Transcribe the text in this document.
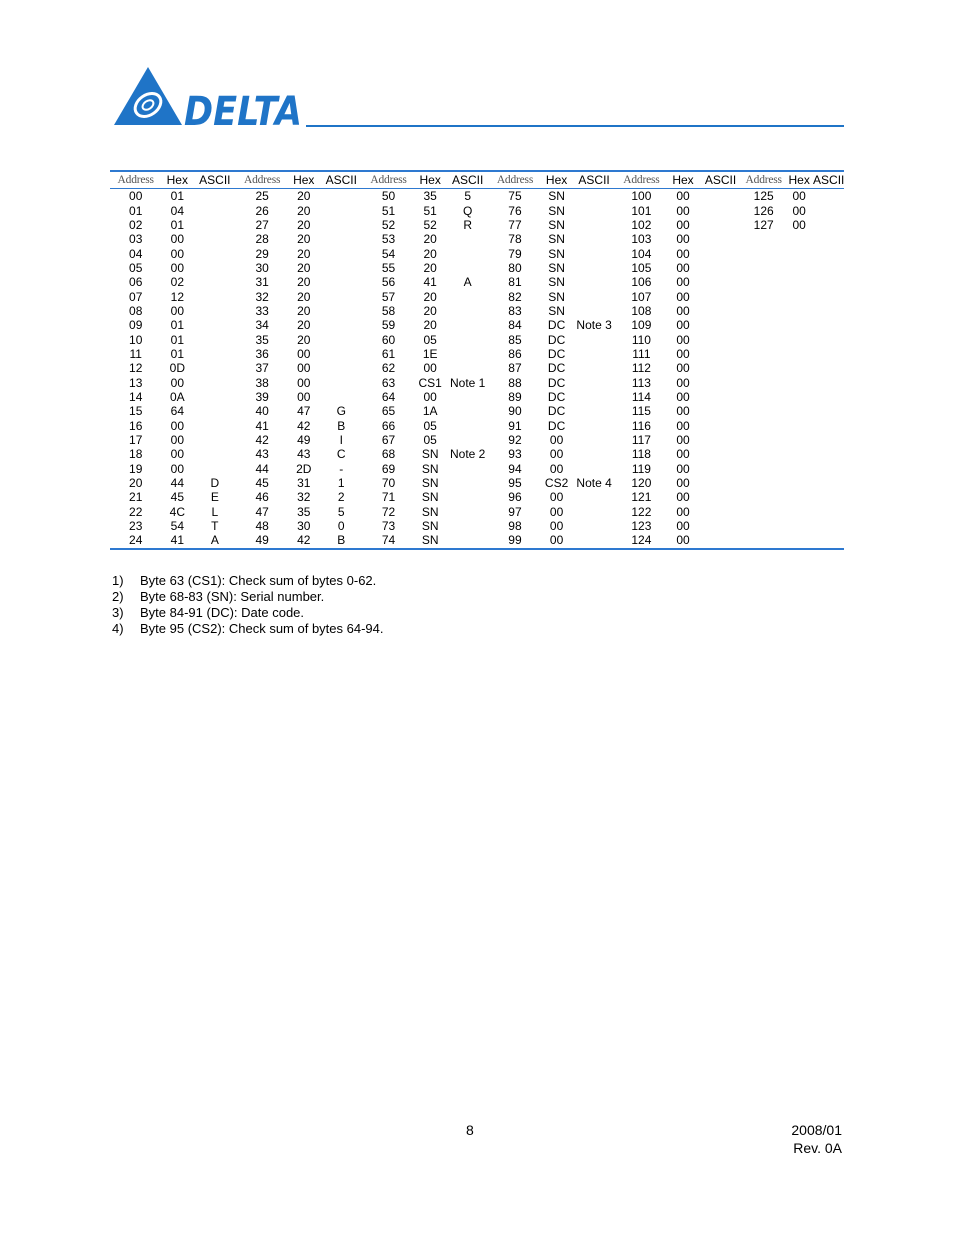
DELTA
Address	Hex	ASCII	Address	Hex	ASCII	Address	Hex	ASCII	Address	Hex	ASCII	Address	Hex	ASCII	Address	Hex	ASCII
00	01		25	20		50	35	5	75	SN		100	00		125	00	
01	04		26	20		51	51	Q	76	SN		101	00		126	00	
02	01		27	20		52	52	R	77	SN		102	00		127	00	
03	00		28	20		53	20		78	SN		103	00				
04	00		29	20		54	20		79	SN		104	00				
05	00		30	20		55	20		80	SN		105	00				
06	02		31	20		56	41	A	81	SN		106	00				
07	12		32	20		57	20		82	SN		107	00				
08	00		33	20		58	20		83	SN		108	00				
09	01		34	20		59	20		84	DC	Note 3	109	00				
10	01		35	20		60	05		85	DC		110	00				
11	01		36	00		61	1E		86	DC		111	00				
12	0D		37	00		62	00		87	DC		112	00				
13	00		38	00		63	CS1	Note 1	88	DC		113	00				
14	0A		39	00		64	00		89	DC		114	00				
15	64		40	47	G	65	1A		90	DC		115	00				
16	00		41	42	B	66	05		91	DC		116	00				
17	00		42	49	I	67	05		92	00		117	00				
18	00		43	43	C	68	SN	Note 2	93	00		118	00				
19	00		44	2D	-	69	SN		94	00		119	00				
20	44	D	45	31	1	70	SN		95	CS2	Note 4	120	00				
21	45	E	46	32	2	71	SN		96	00		121	00				
22	4C	L	47	35	5	72	SN		97	00		122	00				
23	54	T	48	30	0	73	SN		98	00		123	00				
24	41	A	49	42	B	74	SN		99	00		124	00				
1)	Byte 63 (CS1): Check sum of bytes 0-62.
2)	Byte 68-83 (SN): Serial number.
3)	Byte 84-91 (DC): Date code.
4)	Byte 95 (CS2): Check sum of bytes 64-94.
8	2008/01
Rev. 0A
